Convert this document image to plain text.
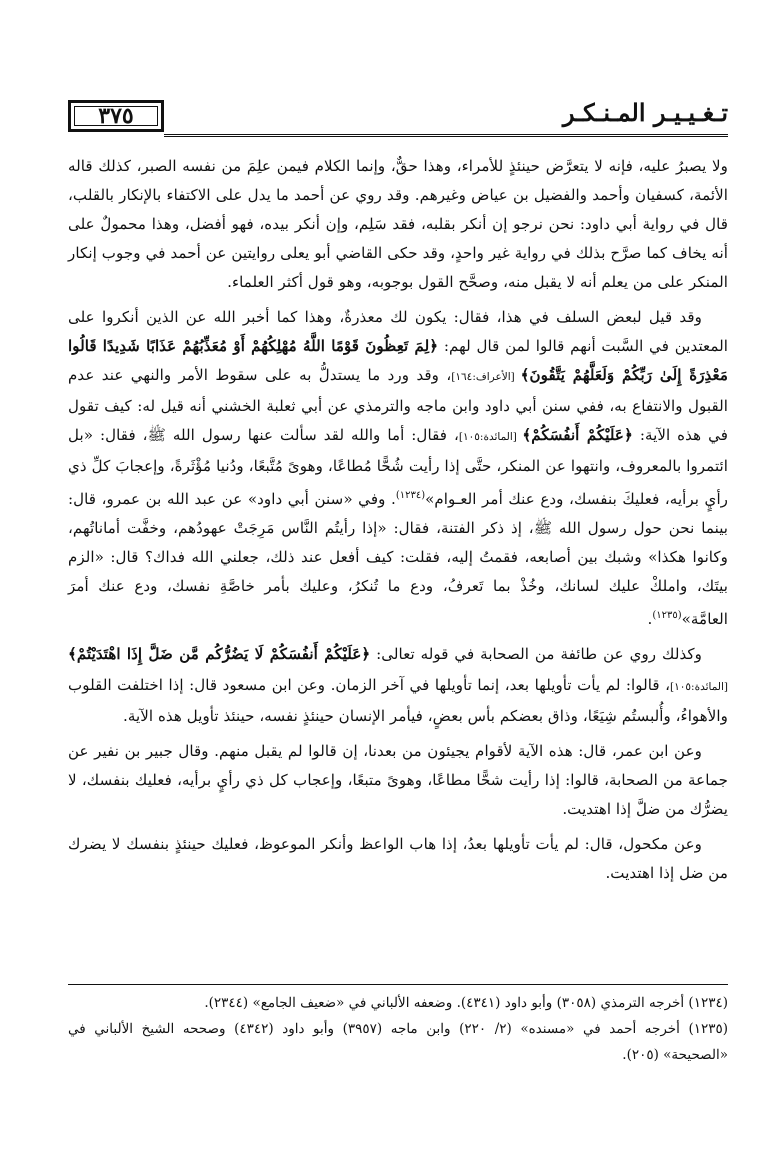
٣٧٥	تـغـيـيـر المـنـكـر

ولا يصبرُ عليه، فإنه لا يتعرَّض حينئذٍ للأمراء، وهذا حقٌّ، وإنما الكلام فيمن علِمَ من نفسه الصبر، كذلك قاله الأئمة، كسفيان وأحمد والفضيل بن عياض وغيرهم. وقد روي عن أحمد ما يدل على الاكتفاء بالإنكار بالقلب، قال في رواية أبي داود: نحن نرجو إن أنكر بقلبه، فقد سَلِم، وإن أنكر بيده، فهو أفضل، وهذا محمولٌ على أنه يخاف كما صرَّح بذلك في رواية غير واحدٍ، وقد حكى القاضي أبو يعلى روايتين عن أحمد في وجوب إنكار المنكر على من يعلم أنه لا يقبل منه، وصحَّح القول بوجوبه، وهو قول أكثر العلماء.

وقد قيل لبعض السلف في هذا، فقال: يكون لك معذرةٌ، وهذا كما أخبر الله عن الذين أنكروا على المعتدين في السَّبت أنهم قالوا لمن قال لهم: ﴿لِمَ تَعِظُونَ قَوْمًا اللَّهُ مُهْلِكُهُمْ أَوْ مُعَذِّبُهُمْ عَذَابًا شَدِيدًا قَالُوا مَعْذِرَةً إِلَىٰ رَبِّكُمْ وَلَعَلَّهُمْ يَتَّقُونَ﴾ [الأعراف:١٦٤]، وقد ورد ما يستدلُّ به على سقوط الأمر والنهي عند عدم القبول والانتفاع به، ففي سنن أبي داود وابن ماجه والترمذي عن أبي ثعلبة الخشني أنه قيل له: كيف تقول في هذه الآية: ﴿عَلَيْكُمْ أَنفُسَكُمْ﴾ [المائدة:١٠٥]، فقال: أما والله لقد سألت عنها رسول الله ﷺ، فقال: «بل ائتمروا بالمعروف، وانتهوا عن المنكر، حتَّى إذا رأيت شُحًّا مُطاعًا، وهوىً مُتَّبعًا، ودُنيا مُؤْثَرةً، وإعجابَ كلِّ ذي رأيٍ برأيه، فعليكَ بنفسك، ودع عنك أمر العـوام»$^{(١٢٣٤)}$. وفي «سنن أبي داود» عن عبد الله بن عمرو، قال: بينما نحن حول رسول الله ﷺ، إذ ذكر الفتنة، فقال: «إذا رأيتُم النَّاس مَرِجَتْ عهودُهم، وخفَّت أماناتُهم، وكانوا هكذا» وشبك بين أصابعه، فقمتُ إليه، فقلت: كيف أفعل عند ذلك، جعلني الله فداك؟ قال: «الزم بيتَك، واملكْ عليك لسانك، وخُذْ بما تَعرفُ، ودع ما تُنكرُ، وعليك بأمر خاصَّةِ نفسك، ودع عنك أمرَ العامَّة»$^{(١٢٣٥)}$.

وكذلك روي عن طائفة من الصحابة في قوله تعالى: ﴿عَلَيْكُمْ أَنفُسَكُمْ لَا يَضُرُّكُم مَّن ضَلَّ إِذَا اهْتَدَيْتُمْ﴾ [المائدة:١٠٥]، قالوا: لم يأت تأويلها بعد، إنما تأويلها في آخر الزمان. وعن ابن مسعود قال: إذا اختلفت القلوب والأهواءُ، وأُلبستُم شِيَعًا، وذاق بعضكم بأس بعضٍ، فيأمر الإنسان حينئذٍ نفسه، حينئذ تأويل هذه الآية.

وعن ابن عمر، قال: هذه الآية لأقوام يجيئون من بعدنا، إن قالوا لم يقبل منهم. وقال جبير بن نفير عن جماعة من الصحابة، قالوا: إذا رأيت شحًّا مطاعًا، وهوىً متبعًا، وإعجاب كل ذي رأيٍ برأيه، فعليك بنفسك، لا يضرُّك من ضلَّ إذا اهتديت.

وعن مكحول، قال: لم يأت تأويلها بعدُ، إذا هاب الواعظ وأنكر الموعوظ، فعليك حينئذٍ بنفسك لا يضرك من ضل إذا اهتديت.

(١٢٣٤) أخرجه الترمذي (٣٠٥٨) وأبو داود (٤٣٤١). وضعفه الألباني في «ضعيف الجامع» (٢٣٤٤).

(١٢٣٥) أخرجه أحمد في «مسنده» (٢/ ٢٢٠) وابن ماجه (٣٩٥٧) وأبو داود (٤٣٤٢) وصححه الشيخ الألباني في «الصحيحة» (٢٠٥).
